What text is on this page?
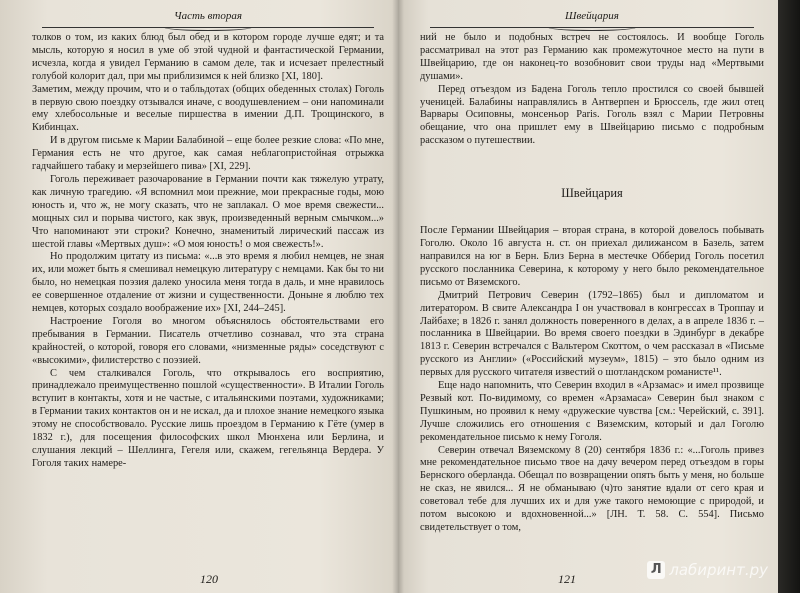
Часть вторая

толков о том, из каких блюд был обед и в котором городе лучше едят; и та мысль, которую я носил в уме об этой чудной и фантастической Германии, исчезла, когда я увидел Германию в самом деле, так и исчезает прелестный голубой колорит дал, при мы приблизимся к ней близко [XI, 180].

Заметим, между прочим, что и о табльдотах (общих обеденных столах) Гоголь в первую свою поездку отзывался иначе, с воодушевлением – они напоминали ему хлебосольные и веселые пиршества в имении Д.П. Трощинского, в Кибинцах.

И в другом письме к Марии Балабиной – еще более резкие слова: «По мне, Германия есть не что другое, как самая неблагопристойная отрыжка гадчайшего табаку и мерзейшего пива» [XI, 229].

Гоголь переживает разочарование в Германии почти как тяжелую утрату, как личную трагедию. «Я вспомнил мои прежние, мои прекрасные годы, мою юность и, что ж, не могу сказать, что не заплакал. О мое время свежести... мощных сил и порыва чистого, как звук, произведенный верным смычком...» Что напоминают эти строки? Конечно, знаменитый лирический пассаж из шестой главы «Мертвых душ»: «О моя юность! о моя свежесть!».

Но продолжим цитату из письма: «...в это время я любил немцев, не зная их, или может быть я смешивал немецкую литературу с немцами. Как бы то ни было, но немецкая поэзия далеко уносила меня тогда в даль, и мне нравилось ее совершенное отдаление от жизни и существенности. Доныне я люблю тех немцев, которых создало воображение их» [XI, 244–245].

Настроение Гоголя во многом объяснялось обстоятельствами его пребывания в Германии. Писатель отчетливо сознавал, что эта страна крайностей, о которой, говоря его словами, «низменные ряды» соседствуют с «высокими», филистерство с поэзией.

С чем сталкивался Гоголь, что открывалось его восприятию, принадлежало преимущественно пошлой «существенности». В Италии Гоголь вступит в контакты, хотя и не частые, с итальянскими поэтами, художниками; в Германии таких контактов он и не искал, да и плохое знание немецкого языка этому не способствовало. Русские лишь проездом в Германию к Гёте (умер в 1832 г.), для посещения философских школ Мюнхена или Берлина, и слушания лекций – Шеллинга, Гегеля или, скажем, гегельянца Вердера. У Гоголя таких намере-

120
Швейцария

ний не было и подобных встреч не состоялось. И вообще Гоголь рассматривал на этот раз Германию как промежуточное место на пути в Швейцарию, где он наконец-то возобновит свои труды над «Мертвыми душами».

Перед отъездом из Бадена Гоголь тепло простился со своей бывшей ученицей. Балабины направлялись в Антверпен и Брюссель, где жил отец Варвары Осиповны, монсеньор Paris. Гоголь взял с Марии Петровны обещание, что она пришлет ему в Швейцарию письмо с подробным рассказом о путешествии.

Швейцария

После Германии Швейцария – вторая страна, в которой довелось побывать Гоголю. Около 16 августа н. ст. он приехал дилижансом в Базель, затем направился на юг в Берн. Близ Берна в местечке Обберид Гоголь посетил русского посланника Северина, к которому у него было рекомендательное письмо от Вяземского.

Дмитрий Петрович Северин (1792–1865) был и дипломатом и литератором. В свите Александра I он участвовал в конгрессах в Троппау и Лайбахе; в 1826 г. занял должность поверенного в делах, а в апреле 1836 г. – посланника в Швейцарии. Во время своего поездки в Эдинбург в декабре 1813 г. Северин встречался с Вальтером Скоттом, о чем рассказал в «Письме русского из Англии» («Российский музеум», 1815) – это было одним из первых для русского читателя известий о шотландском романисте¹¹.

Еще надо напомнить, что Северин входил в «Арзамас» и имел прозвище Резвый кот. По-видимому, со времен «Арзамаса» Северин был знаком с Пушкиным, но проявил к нему «дружеские чувства [см.: Черейский, с. 391]. Лучше сложились его отношения с Вяземским, который и дал Гоголю рекомендательное письмо к нему Гоголя.

Северин отвечал Вяземскому 8 (20) сентября 1836 г.: «...Гоголь привез мне рекомендательное письмо твое на дачу вечером перед отъездом в горы Бернского оберланда. Обещал по возвращении опять быть у меня, но больше не сказ, не явился... Я не обманываю (ч)то занятие вдали от сего края и советовал тебе для лучших их и для уже такого немоющие с природой, и потом высокою и вдохновенной...» [ЛН. Т. 58. С. 554]. Письмо свидетельствует о том,

121
Л лабиринт.ру
